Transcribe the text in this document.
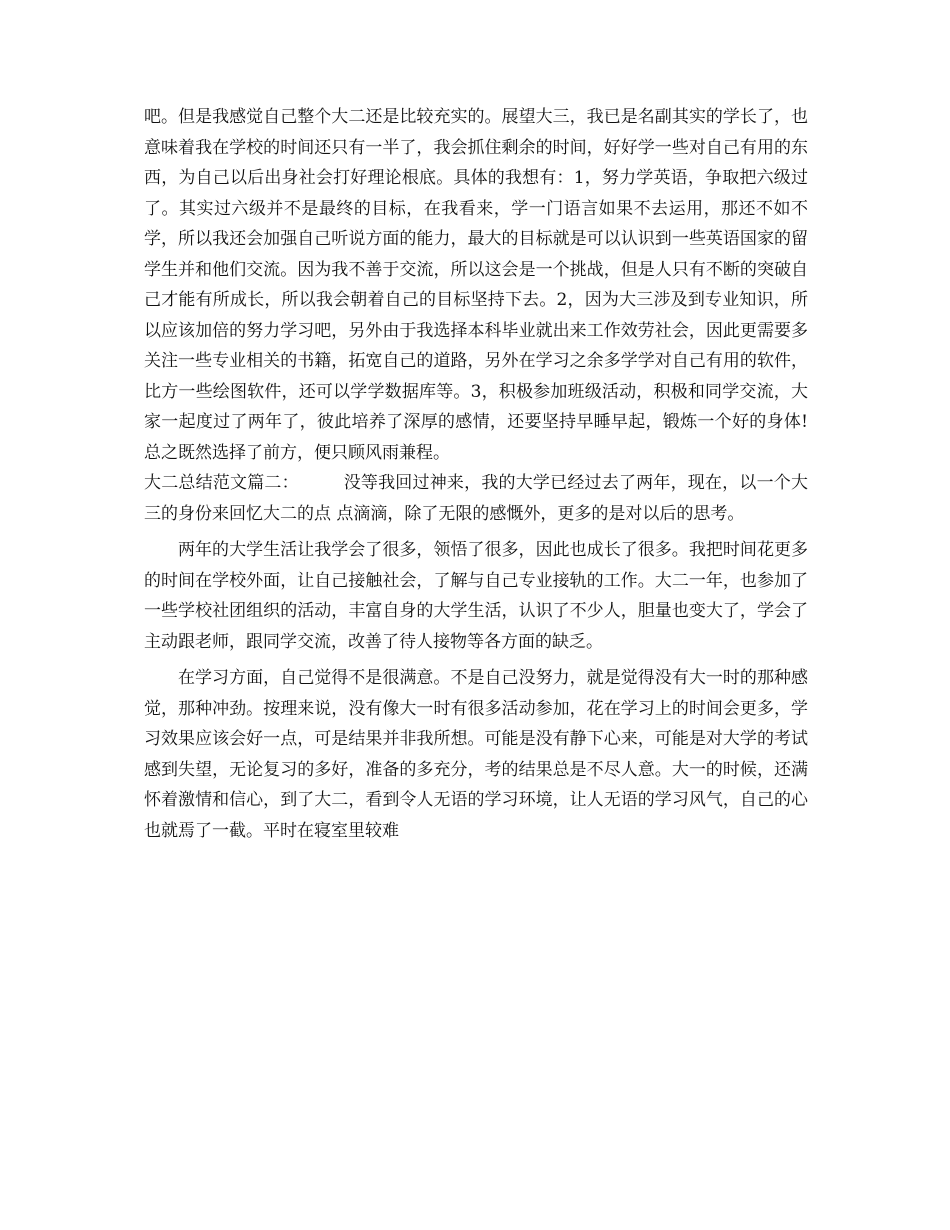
吧。但是我感觉自己整个大二还是比较充实的。展望大三，我已是名副其实的学长了，也意味着我在学校的时间还只有一半了，我会抓住剩余的时间，好好学一些对自己有用的东西，为自己以后出身社会打好理论根底。具体的我想有：1，努力学英语，争取把六级过了。其实过六级并不是最终的目标，在我看来，学一门语言如果不去运用，那还不如不学，所以我还会加强自己听说方面的能力，最大的目标就是可以认识到一些英语国家的留学生并和他们交流。因为我不善于交流，所以这会是一个挑战，但是人只有不断的突破自己才能有所成长，所以我会朝着自己的目标坚持下去。2，因为大三涉及到专业知识，所以应该加倍的努力学习吧，另外由于我选择本科毕业就出来工作效劳社会，因此更需要多关注一些专业相关的书籍，拓宽自己的道路，另外在学习之余多学学对自己有用的软件，比方一些绘图软件，还可以学学数据库等。3，积极参加班级活动，积极和同学交流，大家一起度过了两年了，彼此培养了深厚的感情，还要坚持早睡早起，锻炼一个好的身体!总之既然选择了前方，便只顾风雨兼程。

大二总结范文篇二：        没等我回过神来，我的大学已经过去了两年，现在，以一个大三的身份来回忆大二的点 点滴滴，除了无限的感慨外，更多的是对以后的思考。

两年的大学生活让我学会了很多，领悟了很多，因此也成长了很多。我把时间花更多的时间在学校外面，让自己接触社会，了解与自己专业接轨的工作。大二一年，也参加了一些学校社团组织的活动，丰富自身的大学生活，认识了不少人，胆量也变大了，学会了主动跟老师，跟同学交流，改善了待人接物等各方面的缺乏。

在学习方面，自己觉得不是很满意。不是自己没努力，就是觉得没有大一时的那种感觉，那种冲劲。按理来说，没有像大一时有很多活动参加，花在学习上的时间会更多，学习效果应该会好一点，可是结果并非我所想。可能是没有静下心来，可能是对大学的考试感到失望，无论复习的多好，准备的多充分，考的结果总是不尽人意。大一的时候，还满怀着激情和信心，到了大二，看到令人无语的学习环境，让人无语的学习风气，自己的心也就焉了一截。平时在寝室里较难
